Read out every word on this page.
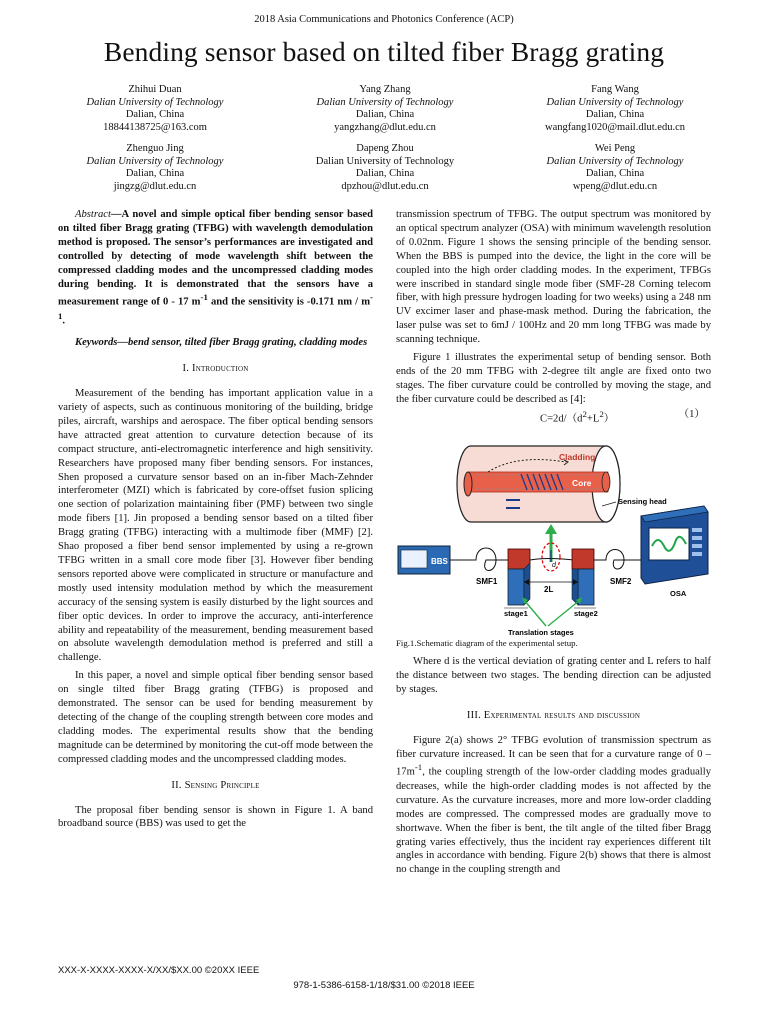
2018 Asia Communications and Photonics Conference (ACP)
Bending sensor based on tilted fiber Bragg grating
Zhihui Duan
Dalian University of Technology
Dalian, China
18844138725@163.com
Yang Zhang
Dalian University of Technology
Dalian, China
yangzhang@dlut.edu.cn
Fang Wang
Dalian University of Technology
Dalian, China
wangfang1020@mail.dlut.edu.cn
Zhenguo Jing
Dalian University of Technology
Dalian, China
jingzg@dlut.edu.cn
Dapeng Zhou
Dalian University of Technology
Dalian, China
dpzhou@dlut.edu.cn
Wei Peng
Dalian University of Technology
Dalian, China
wpeng@dlut.edu.cn

Abstract—A novel and simple optical fiber bending sensor based on tilted fiber Bragg grating (TFBG) with wavelength demodulation method is proposed. The sensor’s performances are investigated and controlled by detecting of mode wavelength shift between the compressed cladding modes and the uncompressed cladding modes during bending. It is demonstrated that the sensors have a measurement range of 0 - 17 $m^{-1}$ and the sensitivity is -0.171 nm / $m^{-1}$.

Keywords—bend sensor, tilted fiber Bragg grating, cladding modes

I. Introduction

Measurement of the bending has important application value in a variety of aspects, such as continuous monitoring of the building, bridge piles, aircraft, warships and aerospace. The fiber optical bending sensors have attracted great attention to curvature detection because of its compact structure, anti-electromagnetic interference and high sensitivity. Researchers have proposed many fiber bending sensors. For instances, Shen proposed a curvature sensor based on an in-fiber Mach-Zehnder interferometer (MZI) which is fabricated by core-offset fusion splicing one section of polarization maintaining fiber (PMF) between two single mode fibers [1]. Jin proposed a bending sensor based on a tilted fiber Bragg grating (TFBG) interacting with a multimode fiber (MMF) [2]. Shao proposed a fiber bend sensor implemented by using a re-grown TFBG written in a small core mode fiber [3]. However fiber bending sensors reported above were complicated in structure or manufacture and mostly used intensity modulation method by which the measurement accuracy of the sensing system is easily disturbed by the light sources and fiber optic devices. In order to improve the accuracy, anti-interference ability and repeatability of the measurement, bending measurement based on absolute wavelength demodulation method is preferred and still a challenge.

In this paper, a novel and simple optical fiber bending sensor based on single tilted fiber Bragg grating (TFBG) is proposed and demonstrated. The sensor can be used for bending measurement by detecting of the change of the coupling strength between core modes and cladding modes. The experimental results show that the bending magnitude can be determined by monitoring the cut-off mode between the compressed cladding modes and the uncompressed cladding modes.

II. Sensing Principle

The proposal fiber bending sensor is shown in Figure 1. A band broadband source (BBS) was used to get the

transmission spectrum of TFBG. The output spectrum was monitored by an optical spectrum analyzer (OSA) with minimum wavelength resolution of 0.02nm. Figure 1 shows the sensing principle of the bending sensor. When the BBS is pumped into the device, the light in the core will be coupled into the high order cladding modes. In the experiment, TFBGs were inscribed in standard single mode fiber (SMF-28 Corning telecom fiber, with high pressure hydrogen loading for two weeks) using a 248 nm UV excimer laser and phase-mask method. During the fabrication, the laser pulse was set to 6mJ / 100Hz and 20 mm long TFBG was made by scanning technique.

Figure 1 illustrates the experimental setup of bending sensor. Both ends of the 20 mm TFBG with 2-degree tilt angle are fixed onto two stages. The fiber curvature could be controlled by moving the stage, and the fiber curvature could be described as [4]:

$C=2d/(d^2+L^2)$	（1）
Cladding
Core
Sensing head
BBS	d
2L
SMF1	SMF2
stage1	stage2
Translation stages
OSA

Fig.1.Schematic diagram of the experimental setup.

Where d is the vertical deviation of grating center and L refers to half the distance between two stages. The bending direction can be adjusted by stages.

III. Experimental results and discussion

Figure 2(a) shows 2° TFBG evolution of transmission spectrum as fiber curvature increased. It can be seen that for a curvature range of $0 - 17m^{-1}$, the coupling strength of the low-order cladding modes gradually decreases, while the high-order cladding modes is not affected by the curvature. As the curvature increases, more and more low-order cladding modes are compressed. The compressed modes are gradually move to shortwave. When the fiber is bent, the tilt angle of the tilted fiber Bragg grating varies effectively, thus the incident ray experiences different tilt angles in accordance with bending. Figure 2(b) shows that there is almost no change in the coupling strength and

XXX-X-XXXX-XXXX-X/XX/$XX.00 ©20XX IEEE
978-1-5386-6158-1/18/$31.00 ©2018 IEEE
